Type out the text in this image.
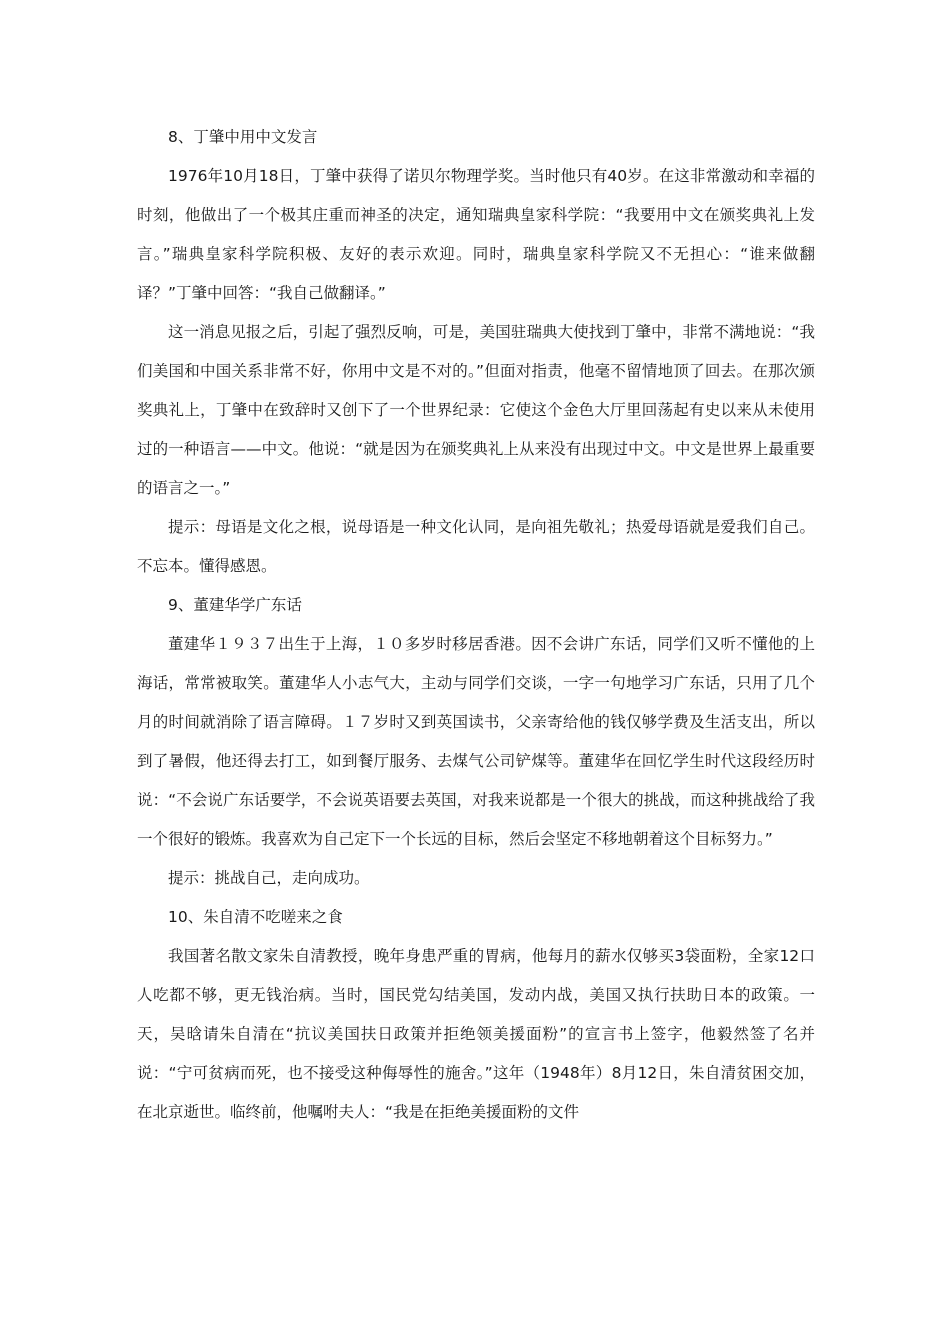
8、丁肇中用中文发言

1976年10月18日，丁肇中获得了诺贝尔物理学奖。当时他只有40岁。在这非常激动和幸福的时刻，他做出了一个极其庄重而神圣的决定，通知瑞典皇家科学院：“我要用中文在颁奖典礼上发言。”瑞典皇家科学院积极、友好的表示欢迎。同时，瑞典皇家科学院又不无担心：“谁来做翻译？”丁肇中回答：“我自己做翻译。”

这一消息见报之后，引起了强烈反响，可是，美国驻瑞典大使找到丁肇中，非常不满地说：“我们美国和中国关系非常不好，你用中文是不对的。”但面对指责，他毫不留情地顶了回去。在那次颁奖典礼上，丁肇中在致辞时又创下了一个世界纪录：它使这个金色大厅里回荡起有史以来从未使用过的一种语言——中文。他说：“就是因为在颁奖典礼上从来没有出现过中文。中文是世界上最重要的语言之一。”

提示：母语是文化之根，说母语是一种文化认同，是向祖先敬礼；热爱母语就是爱我们自己。不忘本。懂得感恩。

9、董建华学广东话

董建华１９３７出生于上海，１０多岁时移居香港。因不会讲广东话，同学们又听不懂他的上海话，常常被取笑。董建华人小志气大，主动与同学们交谈，一字一句地学习广东话，只用了几个月的时间就消除了语言障碍。１７岁时又到英国读书，父亲寄给他的钱仅够学费及生活支出，所以到了暑假，他还得去打工，如到餐厅服务、去煤气公司铲煤等。董建华在回忆学生时代这段经历时说：“不会说广东话要学，不会说英语要去英国，对我来说都是一个很大的挑战，而这种挑战给了我一个很好的锻炼。我喜欢为自己定下一个长远的目标，然后会坚定不移地朝着这个目标努力。”

提示：挑战自己，走向成功。

10、朱自清不吃嗟来之食

我国著名散文家朱自清教授，晚年身患严重的胃病，他每月的薪水仅够买3袋面粉，全家12口人吃都不够，更无钱治病。当时，国民党勾结美国，发动内战，美国又执行扶助日本的政策。一天，吴晗请朱自清在“抗议美国扶日政策并拒绝领美援面粉”的宣言书上签字，他毅然签了名并说：“宁可贫病而死，也不接受这种侮辱性的施舍。”这年（1948年）8月12日，朱自清贫困交加，在北京逝世。临终前，他嘱咐夫人：“我是在拒绝美援面粉的文件
